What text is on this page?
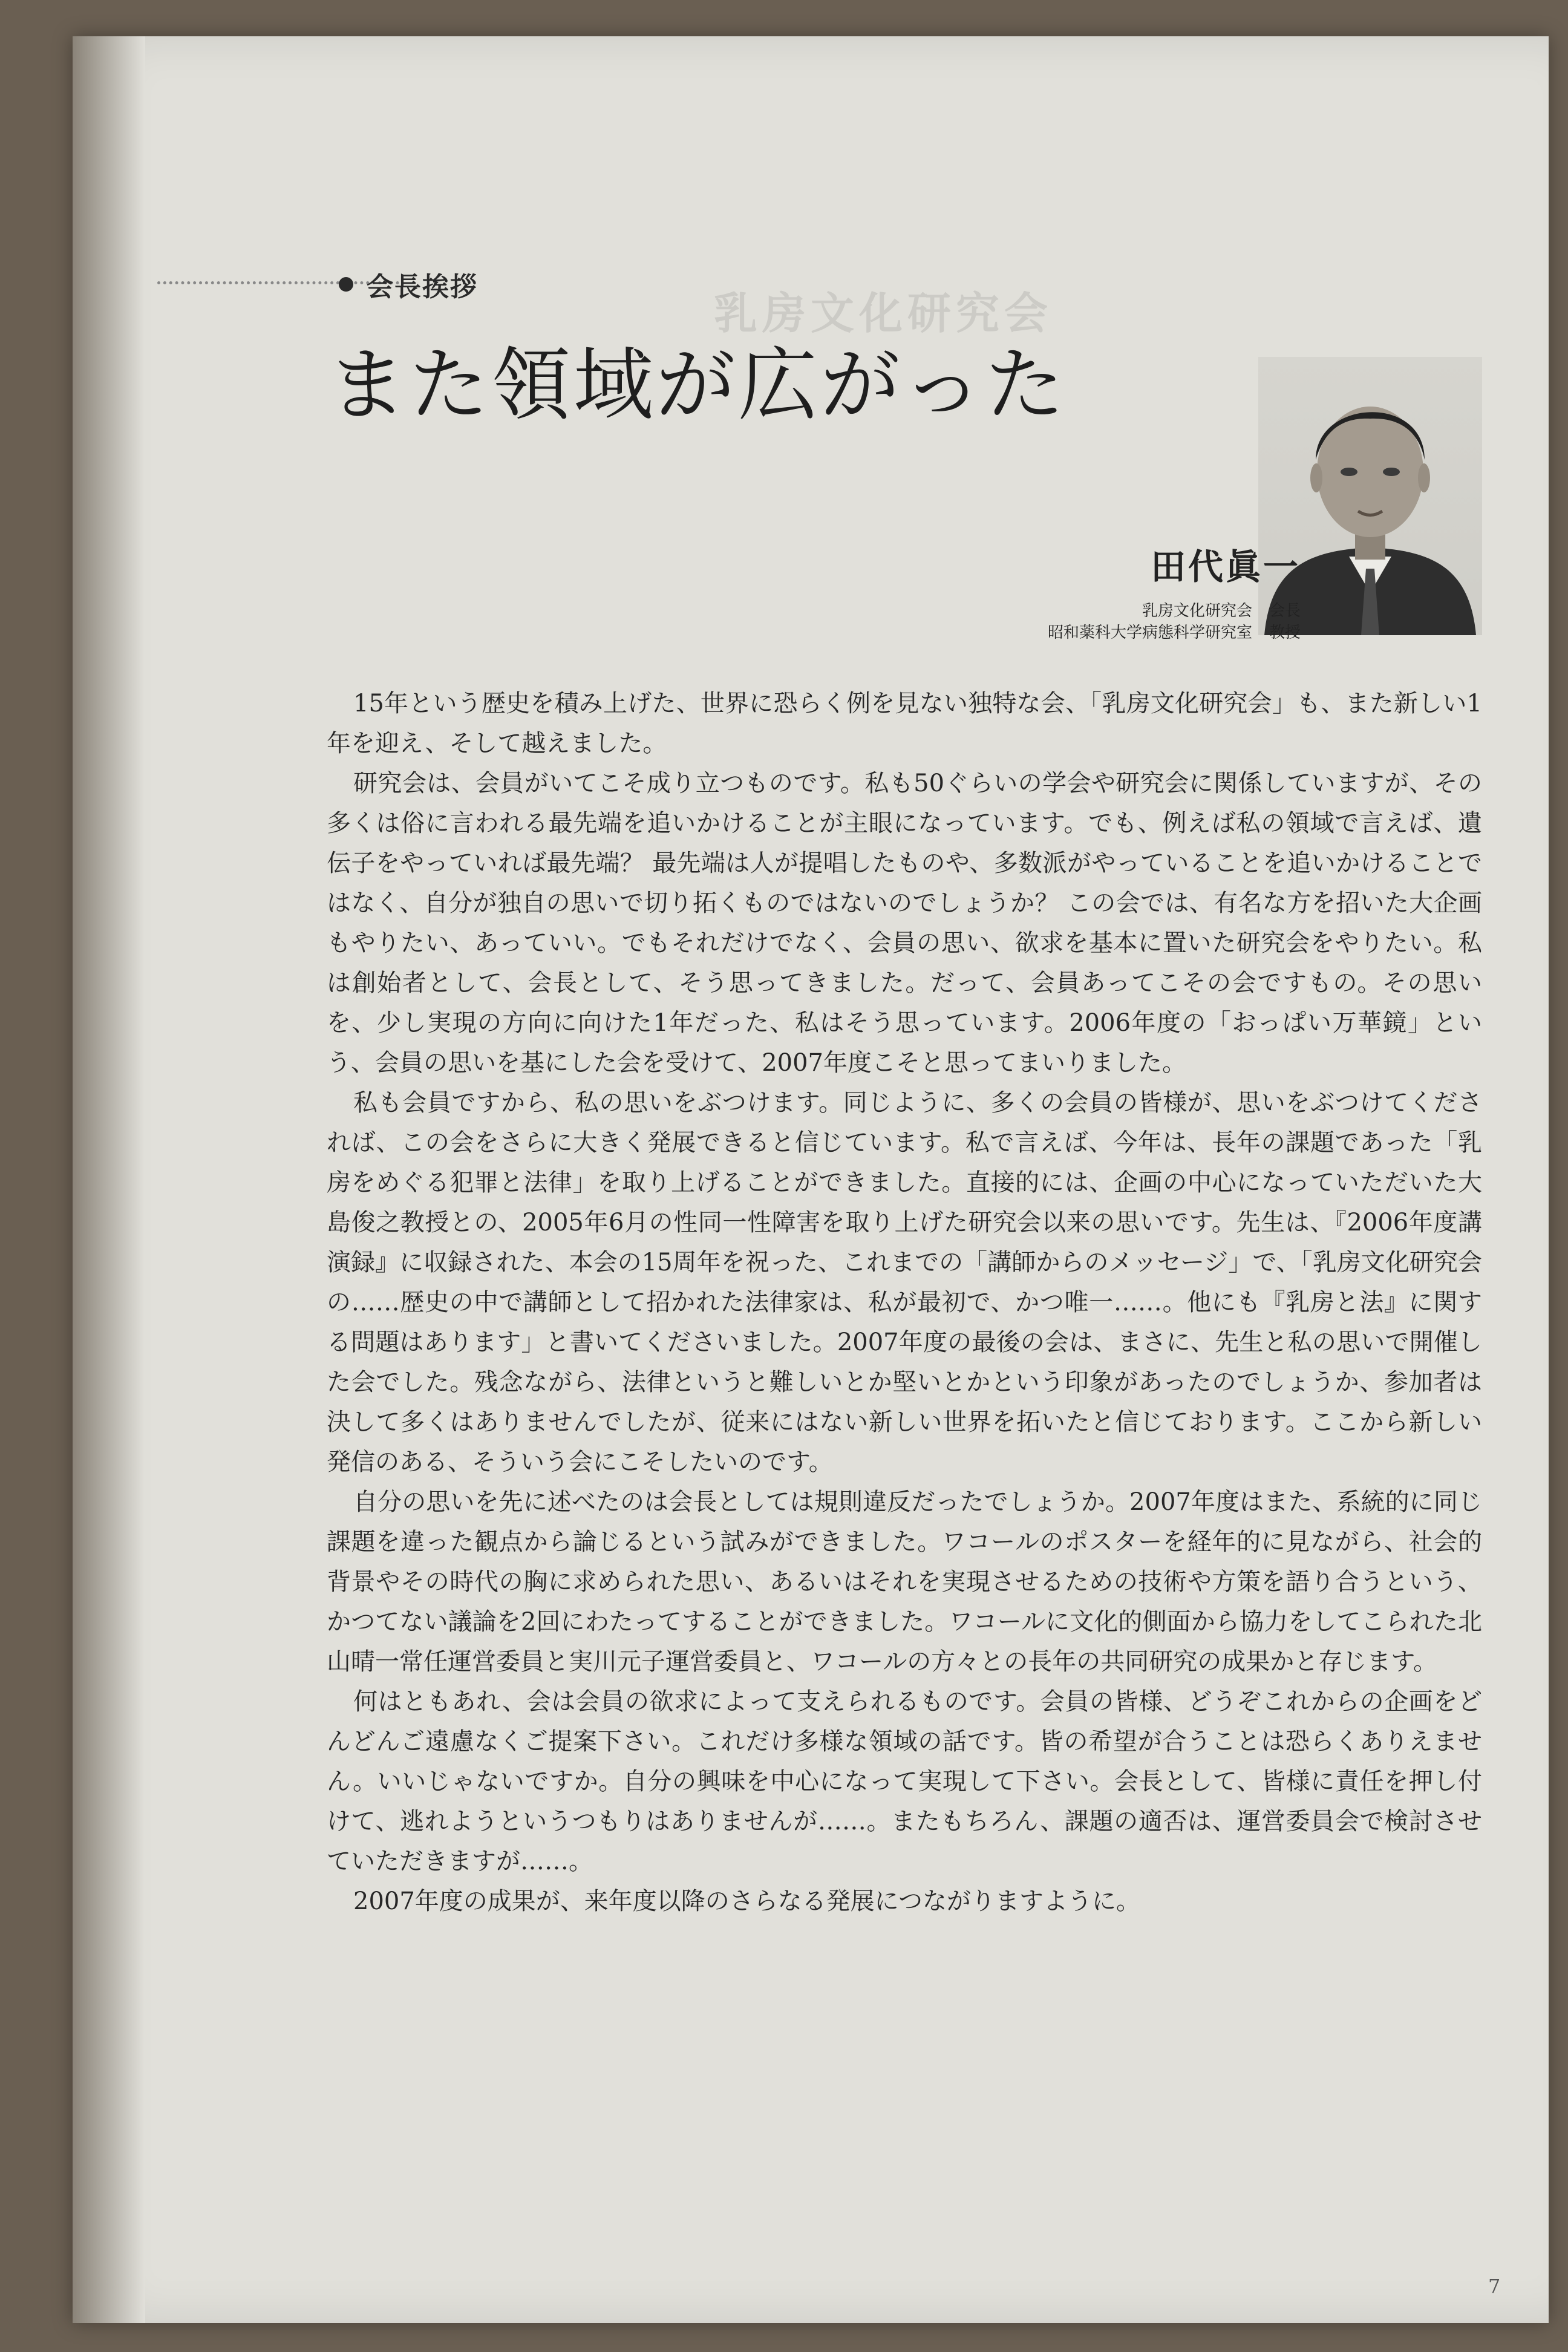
乳房文化研究会
会長挨拶
また領域が広がった
田代眞一
乳房文化研究会 会長
昭和薬科大学病態科学研究室 教授

15年という歴史を積み上げた、世界に恐らく例を見ない独特な会、「乳房文化研究会」も、また新しい1年を迎え、そして越えました。

研究会は、会員がいてこそ成り立つものです。私も50ぐらいの学会や研究会に関係していますが、その多くは俗に言われる最先端を追いかけることが主眼になっています。でも、例えば私の領域で言えば、遺伝子をやっていれば最先端？ 最先端は人が提唱したものや、多数派がやっていることを追いかけることではなく、自分が独自の思いで切り拓くものではないのでしょうか？ この会では、有名な方を招いた大企画もやりたい、あっていい。でもそれだけでなく、会員の思い、欲求を基本に置いた研究会をやりたい。私は創始者として、会長として、そう思ってきました。だって、会員あってこその会ですもの。その思いを、少し実現の方向に向けた1年だった、私はそう思っています。2006年度の「おっぱい万華鏡」という、会員の思いを基にした会を受けて、2007年度こそと思ってまいりました。

私も会員ですから、私の思いをぶつけます。同じように、多くの会員の皆様が、思いをぶつけてくだされば、この会をさらに大きく発展できると信じています。私で言えば、今年は、長年の課題であった「乳房をめぐる犯罪と法律」を取り上げることができました。直接的には、企画の中心になっていただいた大島俊之教授との、2005年6月の性同一性障害を取り上げた研究会以来の思いです。先生は、『2006年度講演録』に収録された、本会の15周年を祝った、これまでの「講師からのメッセージ」で、「乳房文化研究会の……歴史の中で講師として招かれた法律家は、私が最初で、かつ唯一……。他にも『乳房と法』に関する問題はあります」と書いてくださいました。2007年度の最後の会は、まさに、先生と私の思いで開催した会でした。残念ながら、法律というと難しいとか堅いとかという印象があったのでしょうか、参加者は決して多くはありませんでしたが、従来にはない新しい世界を拓いたと信じております。ここから新しい発信のある、そういう会にこそしたいのです。

自分の思いを先に述べたのは会長としては規則違反だったでしょうか。2007年度はまた、系統的に同じ課題を違った観点から論じるという試みができました。ワコールのポスターを経年的に見ながら、社会的背景やその時代の胸に求められた思い、あるいはそれを実現させるための技術や方策を語り合うという、かつてない議論を2回にわたってすることができました。ワコールに文化的側面から協力をしてこられた北山晴一常任運営委員と実川元子運営委員と、ワコールの方々との長年の共同研究の成果かと存じます。

何はともあれ、会は会員の欲求によって支えられるものです。会員の皆様、どうぞこれからの企画をどんどんご遠慮なくご提案下さい。これだけ多様な領域の話です。皆の希望が合うことは恐らくありえません。いいじゃないですか。自分の興味を中心になって実現して下さい。会長として、皆様に責任を押し付けて、逃れようというつもりはありませんが……。またもちろん、課題の適否は、運営委員会で検討させていただきますが……。

2007年度の成果が、来年度以降のさらなる発展につながりますように。

7
